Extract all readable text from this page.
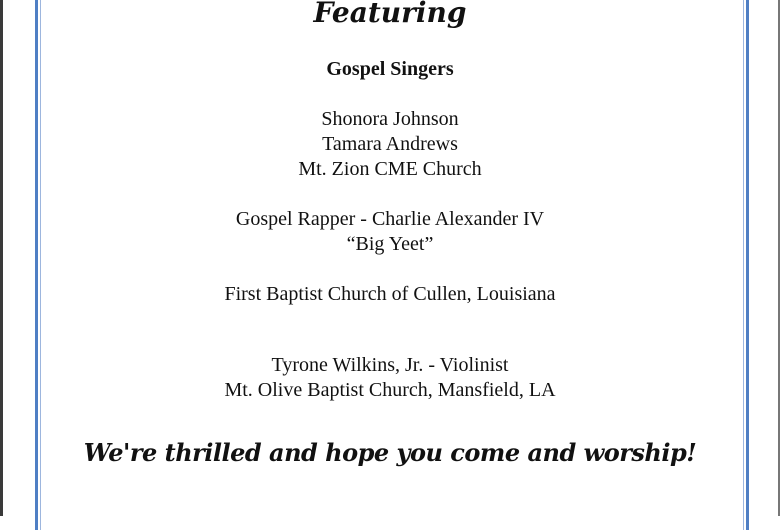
Featuring
Gospel Singers
Shonora Johnson
Tamara Andrews
Mt. Zion CME Church
Gospel Rapper - Charlie Alexander IV
“Big Yeet”
First Baptist Church of Cullen, Louisiana
Tyrone Wilkins, Jr. - Violinist
Mt. Olive Baptist Church, Mansfield, LA
We're thrilled and hope you come and worship!
